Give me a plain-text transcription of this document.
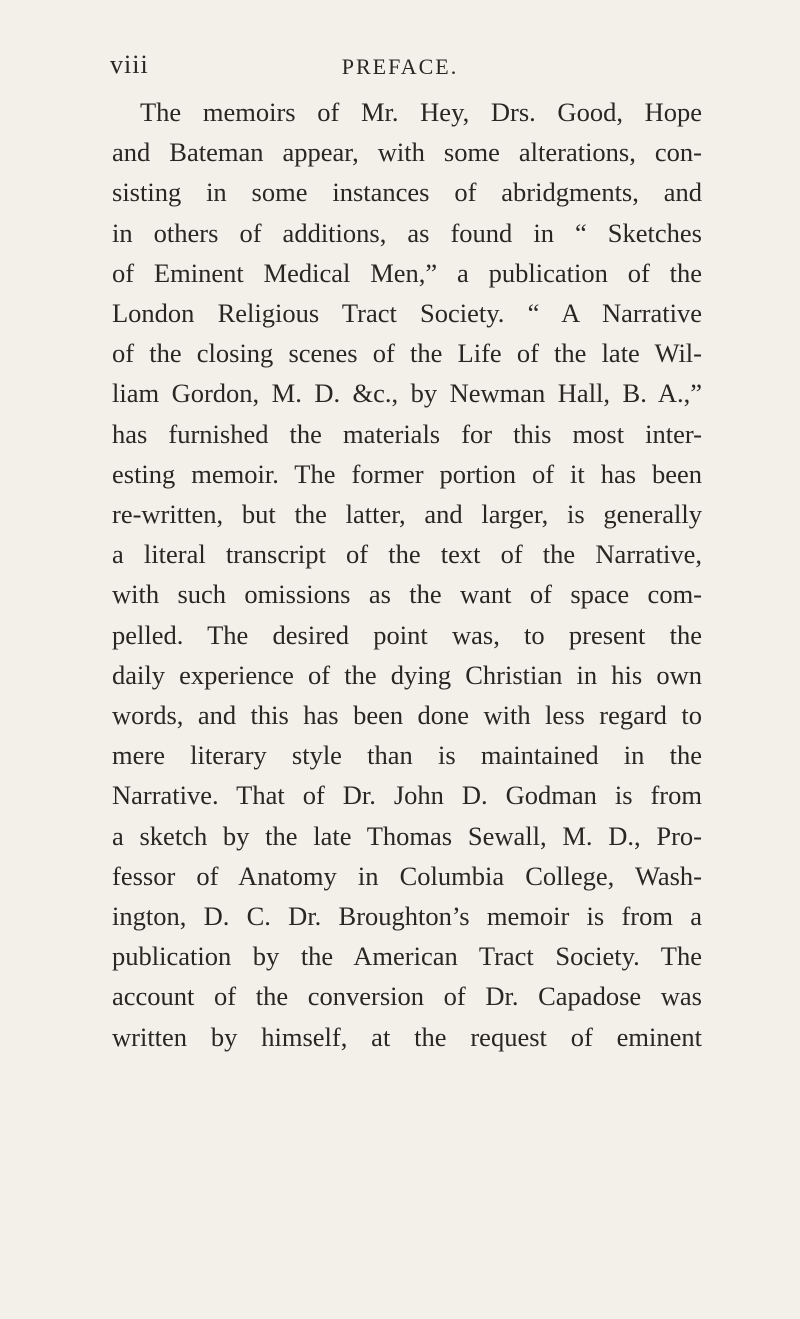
viii	PREFACE.
The memoirs of Mr. Hey, Drs. Good, Hope
and Bateman appear, with some alterations, con-
sisting in some instances of abridgments, and
in others of additions, as found in “ Sketches
of Eminent Medical Men,” a publication of the
London Religious Tract Society. “ A Narrative
of the closing scenes of the Life of the late Wil-
liam Gordon, M. D. &c., by Newman Hall, B. A.,”
has furnished the materials for this most inter-
esting memoir. The former portion of it has been
re-written, but the latter, and larger, is generally
a literal transcript of the text of the Narrative,
with such omissions as the want of space com-
pelled. The desired point was, to present the
daily experience of the dying Christian in his own
words, and this has been done with less regard to
mere literary style than is maintained in the
Narrative. That of Dr. John D. Godman is from
a sketch by the late Thomas Sewall, M. D., Pro-
fessor of Anatomy in Columbia College, Wash-
ington, D. C. Dr. Broughton’s memoir is from a
publication by the American Tract Society. The
account of the conversion of Dr. Capadose was
written by himself, at the request of eminent
